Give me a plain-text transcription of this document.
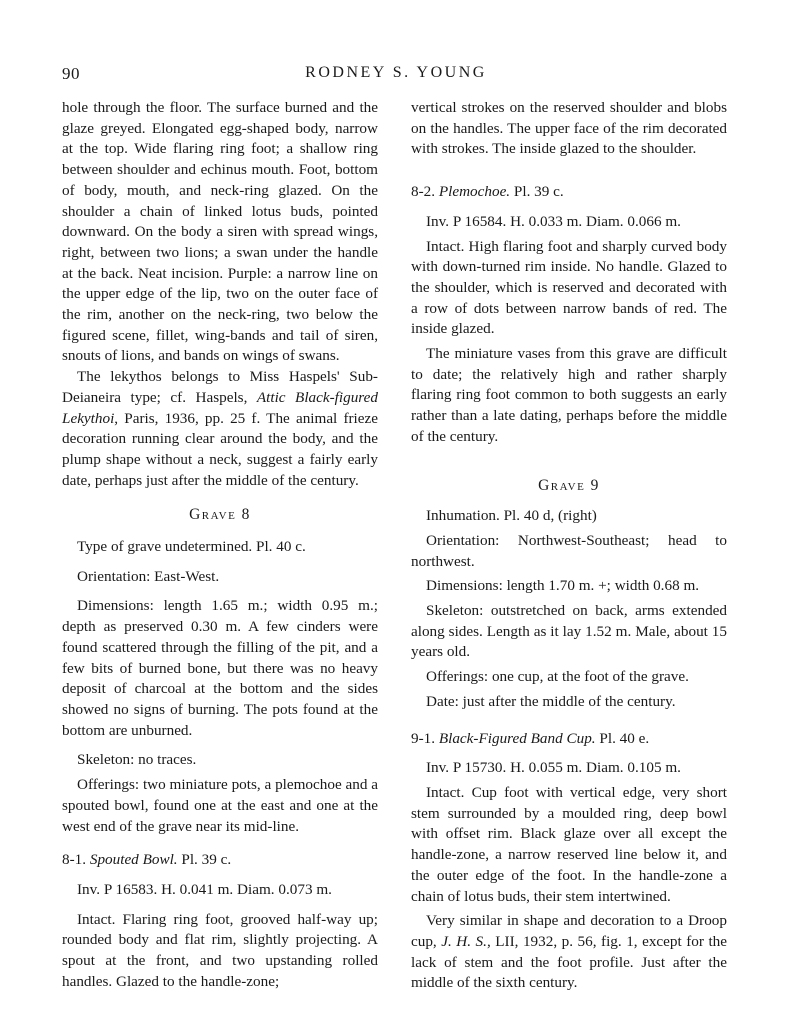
90	RODNEY S. YOUNG

hole through the floor. The surface burned and the glaze greyed. Elongated egg-shaped body, narrow at the top. Wide flaring ring foot; a shallow ring between shoulder and echinus mouth. Foot, bottom of body, mouth, and neck-ring glazed. On the shoulder a chain of linked lotus buds, pointed downward. On the body a siren with spread wings, right, between two lions; a swan under the handle at the back. Neat incision. Purple: a narrow line on the upper edge of the lip, two on the outer face of the rim, another on the neck-ring, two below the figured scene, fillet, wing-bands and tail of siren, snouts of lions, and bands on wings of swans.

The lekythos belongs to Miss Haspels' Sub-Deianeira type; cf. Haspels, Attic Black-figured Lekythoi, Paris, 1936, pp. 25 f. The animal frieze decoration running clear around the body, and the plump shape without a neck, suggest a fairly early date, perhaps just after the middle of the century.

Grave 8

Type of grave undetermined. Pl. 40 c.

Orientation: East-West.

Dimensions: length 1.65 m.; width 0.95 m.; depth as preserved 0.30 m. A few cinders were found scattered through the filling of the pit, and a few bits of burned bone, but there was no heavy deposit of charcoal at the bottom and the sides showed no signs of burning. The pots found at the bottom are unburned.

Skeleton: no traces.

Offerings: two miniature pots, a plemochoe and a spouted bowl, found one at the east and one at the west end of the grave near its mid-line.

8-1. Spouted Bowl. Pl. 39 c.

Inv. P 16583. H. 0.041 m. Diam. 0.073 m.

Intact. Flaring ring foot, grooved half-way up; rounded body and flat rim, slightly projecting. A spout at the front, and two upstanding rolled handles. Glazed to the handle-zone;

vertical strokes on the reserved shoulder and blobs on the handles. The upper face of the rim decorated with strokes. The inside glazed to the shoulder.

8-2. Plemochoe. Pl. 39 c.

Inv. P 16584. H. 0.033 m. Diam. 0.066 m.

Intact. High flaring foot and sharply curved body with down-turned rim inside. No handle. Glazed to the shoulder, which is reserved and decorated with a row of dots between narrow bands of red. The inside glazed.

The miniature vases from this grave are difficult to date; the relatively high and rather sharply flaring ring foot common to both suggests an early rather than a late dating, perhaps before the middle of the century.

Grave 9

Inhumation. Pl. 40 d, (right)

Orientation: Northwest-Southeast; head to northwest.

Dimensions: length 1.70 m. +; width 0.68 m.

Skeleton: outstretched on back, arms extended along sides. Length as it lay 1.52 m. Male, about 15 years old.

Offerings: one cup, at the foot of the grave.

Date: just after the middle of the century.

9-1. Black-Figured Band Cup. Pl. 40 e.

Inv. P 15730. H. 0.055 m. Diam. 0.105 m.

Intact. Cup foot with vertical edge, very short stem surrounded by a moulded ring, deep bowl with offset rim. Black glaze over all except the handle-zone, a narrow reserved line below it, and the outer edge of the foot. In the handle-zone a chain of lotus buds, their stem intertwined.

Very similar in shape and decoration to a Droop cup, J. H. S., LII, 1932, p. 56, fig. 1, except for the lack of stem and the foot profile. Just after the middle of the sixth century.
